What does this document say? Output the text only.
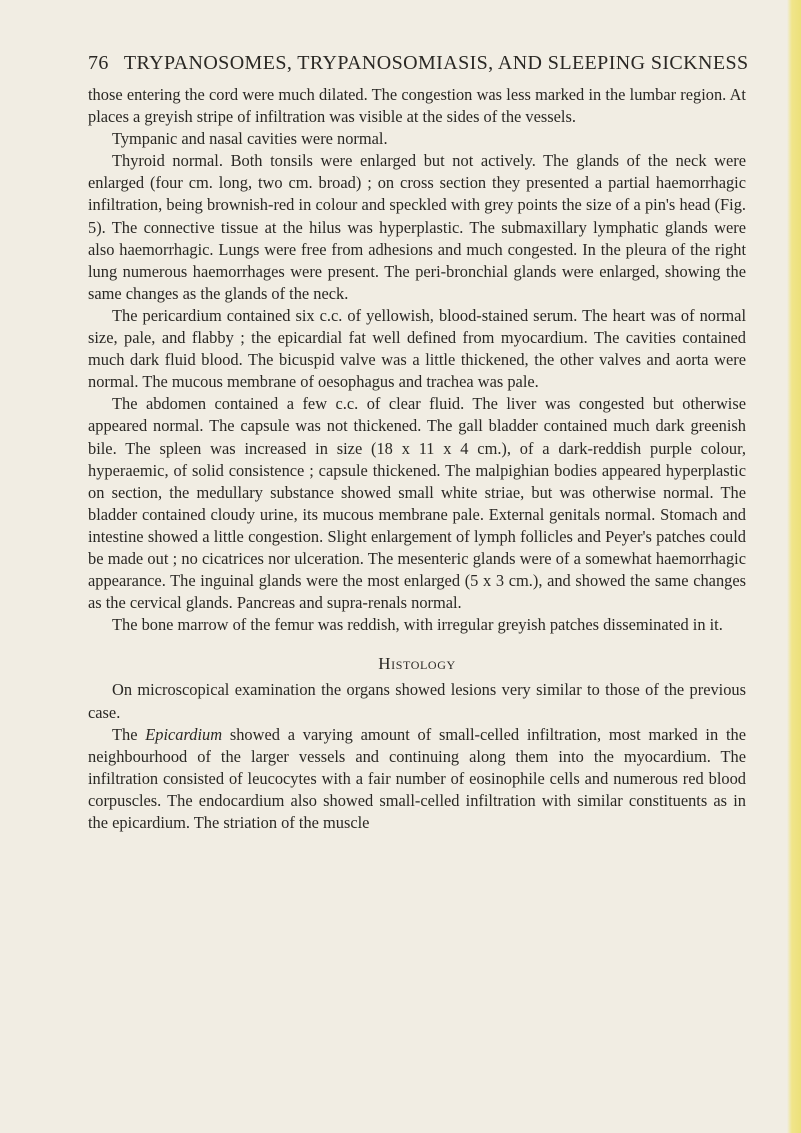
76 TRYPANOSOMES, TRYPANOSOMIASIS, AND SLEEPING SICKNESS

those entering the cord were much dilated. The congestion was less marked in the lumbar region. At places a greyish stripe of infiltration was visible at the sides of the vessels.

Tympanic and nasal cavities were normal.

Thyroid normal. Both tonsils were enlarged but not actively. The glands of the neck were enlarged (four cm. long, two cm. broad) ; on cross section they presented a partial haemorrhagic infiltration, being brownish-red in colour and speckled with grey points the size of a pin's head (Fig. 5). The connective tissue at the hilus was hyperplastic. The submaxillary lymphatic glands were also haemorrhagic. Lungs were free from adhesions and much congested. In the pleura of the right lung numerous haemorrhages were present. The peri-bronchial glands were enlarged, showing the same changes as the glands of the neck.

The pericardium contained six c.c. of yellowish, blood-stained serum. The heart was of normal size, pale, and flabby ; the epicardial fat well defined from myocardium. The cavities contained much dark fluid blood. The bicuspid valve was a little thickened, the other valves and aorta were normal. The mucous membrane of oesophagus and trachea was pale.

The abdomen contained a few c.c. of clear fluid. The liver was congested but otherwise appeared normal. The capsule was not thickened. The gall bladder contained much dark greenish bile. The spleen was increased in size (18 x 11 x 4 cm.), of a dark-reddish purple colour, hyperaemic, of solid consistence ; capsule thickened. The malpighian bodies appeared hyperplastic on section, the medullary substance showed small white striae, but was otherwise normal. The bladder contained cloudy urine, its mucous membrane pale. External genitals normal. Stomach and intestine showed a little congestion. Slight enlargement of lymph follicles and Peyer's patches could be made out ; no cicatrices nor ulceration. The mesenteric glands were of a somewhat haemorrhagic appearance. The inguinal glands were the most enlarged (5 x 3 cm.), and showed the same changes as the cervical glands. Pancreas and supra-renals normal.

The bone marrow of the femur was reddish, with irregular greyish patches disseminated in it.

Histology

On microscopical examination the organs showed lesions very similar to those of the previous case.

The Epicardium showed a varying amount of small-celled infiltration, most marked in the neighbourhood of the larger vessels and continuing along them into the myocardium. The infiltration consisted of leucocytes with a fair number of eosinophile cells and numerous red blood corpuscles. The endocardium also showed small-celled infiltration with similar constituents as in the epicardium. The striation of the muscle
